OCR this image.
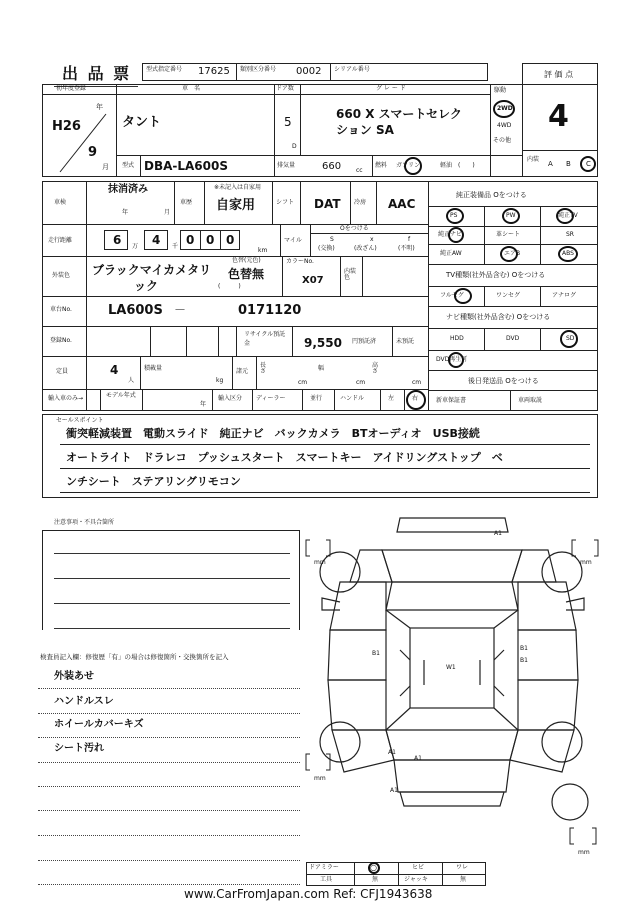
出 品 票 型式指定番号 17625 類別区分番号 0002 シリアル番号
評 価 点
4
初年度登録
H26
年
9
月
車　名
タント
ドア数
5
D
グ レ ー ド
660 X スマートセレク
ション SA
駆動
2WD
4WD
その他
型式 DBA-LA600S	排気量	660 cc
燃料 ガソリン	軽油 (　　)
内装
A B C
車検
抹消済み
年	月
車歴
※未記入は自家用
自家用	シフト DAT 冷房 AAC
走行距離	6 万 4 千 0 0 0
km
マイル
Oをつける
S	x	f
(交換)	(改ざん)	(不明)
外装色 ブラックマイカメタリ
ック
色替(元色)
色替無
(　　　)
カラーNo.
X07
内装色
車台No.	LA600S －	0171120
登録No.
リサイクル預託金	9,550 円預託済	未預託
定員	4
人
積載量
kg
諸元
長さ
cm
幅
cm
高さ
cm
輸入車のみ→	モデル年式
年
輸入区分 ディーラー	並行	ハンドル	左	右
純正装備品 Oをつける
PS	PW	純正TV
純正ナビ	革シート	SR
純正AW	エアB	ABS
TV種類(社外品含む) Oをつける
フルセグ	ワンセグ	アナログ
ナビ種類(社外品含む) Oをつける
HDD	DVD	SD
DVD再生可
後日発送品 Oをつける
新車保証書	車両取説
セールスポイント
衝突軽減装置　電動スライド　純正ナビ　バックカメラ　BTオーディオ　USB接続
オートライト　ドラレコ　プッシュスタート　スマートキー　アイドリングストップ　ベ
ンチシート　ステアリングリモコン
注意事項・不具合箇所
検査員記入欄：修復歴「有」の場合は修復箇所・交換箇所を記入
外装あせ
ハンドルスレ
ホイールカバーキズ
シート汚れ
A1
B1
B1
B1
W1
A1
A1
A1
mm	mm
mm
mm
ドアミラー	○	ヒビ	ワレ
工具	無	ジャッキ	無
www.CarFromJapan.com Ref: CFJ1943638
